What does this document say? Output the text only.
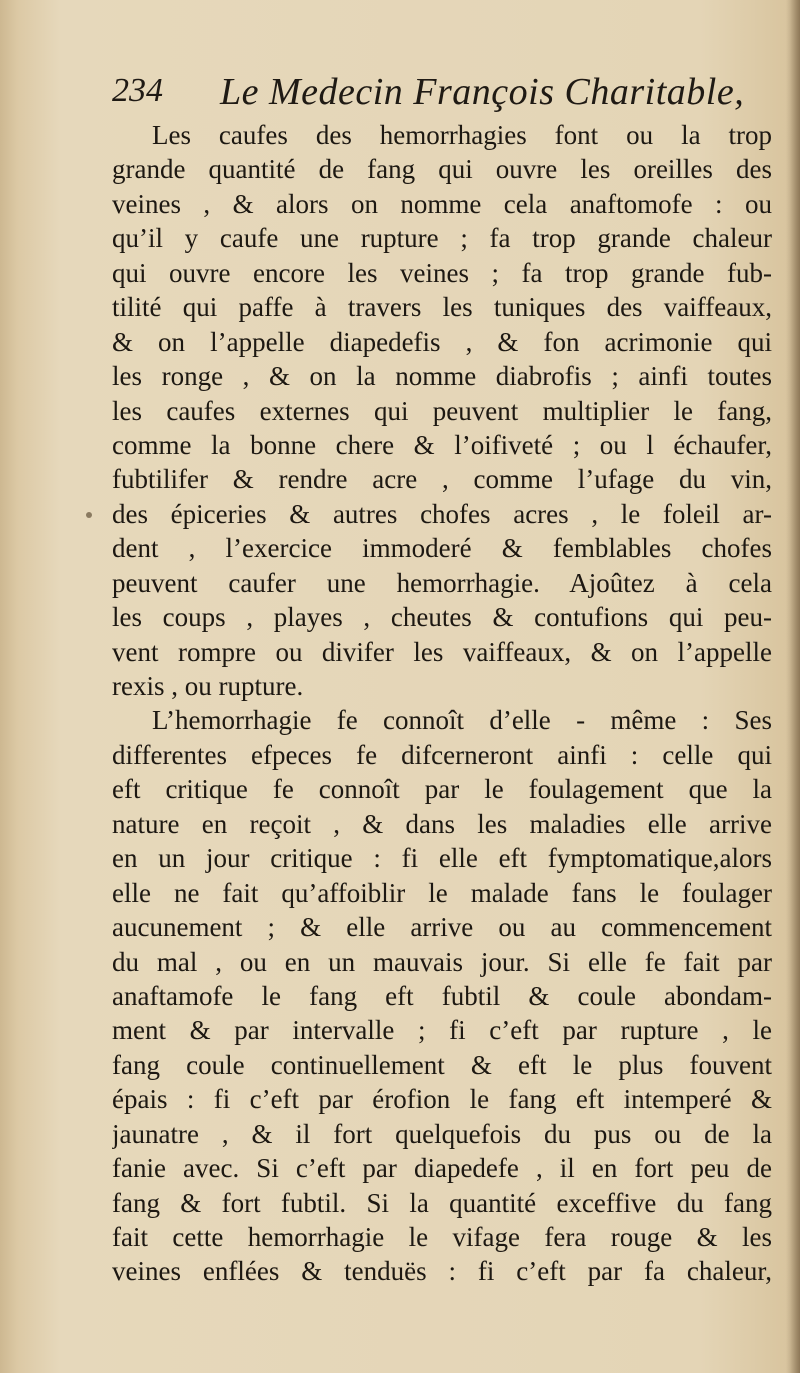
234 Le Medecin François Charitable,
Les caufes des hemorrhagies font ou la trop
grande quantité de fang qui ouvre les oreilles des
veines , & alors on nomme cela anaftomofe : ou
qu’il y caufe une rupture ; fa trop grande chaleur
qui ouvre encore les veines ; fa trop grande fub-
tilité qui paffe à travers les tuniques des vaiffeaux,
& on l’appelle diapedefis , & fon acrimonie qui
les ronge , & on la nomme diabrofis ; ainfi toutes
les caufes externes qui peuvent multiplier le fang,
comme la bonne chere & l’oifiveté ; ou l échaufer,
fubtilifer & rendre acre , comme l’ufage du vin,
des épiceries & autres chofes acres , le foleil ar-
dent , l’exercice immoderé & femblables chofes
peuvent caufer une hemorrhagie. Ajoûtez à cela
les coups , playes , cheutes & contufions qui peu-
vent rompre ou divifer les vaiffeaux, & on l’appelle
rexis , ou rupture.
L’hemorrhagie fe connoît d’elle - même : Ses
differentes efpeces fe difcerneront ainfi : celle qui
eft critique fe connoît par le foulagement que la
nature en reçoit , & dans les maladies elle arrive
en un jour critique : fi elle eft fymptomatique,alors
elle ne fait qu’affoiblir le malade fans le foulager
aucunement ; & elle arrive ou au commencement
du mal , ou en un mauvais jour. Si elle fe fait par
anaftamofe le fang eft fubtil & coule abondam-
ment & par intervalle ; fi c’eft par rupture , le
fang coule continuellement & eft le plus fouvent
épais : fi c’eft par érofion le fang eft intemperé &
jaunatre , & il fort quelquefois du pus ou de la
fanie avec. Si c’eft par diapedefe , il en fort peu de
fang & fort fubtil. Si la quantité exceffive du fang
fait cette hemorrhagie le vifage fera rouge & les
veines enflées & tenduës : fi c’eft par fa chaleur,
